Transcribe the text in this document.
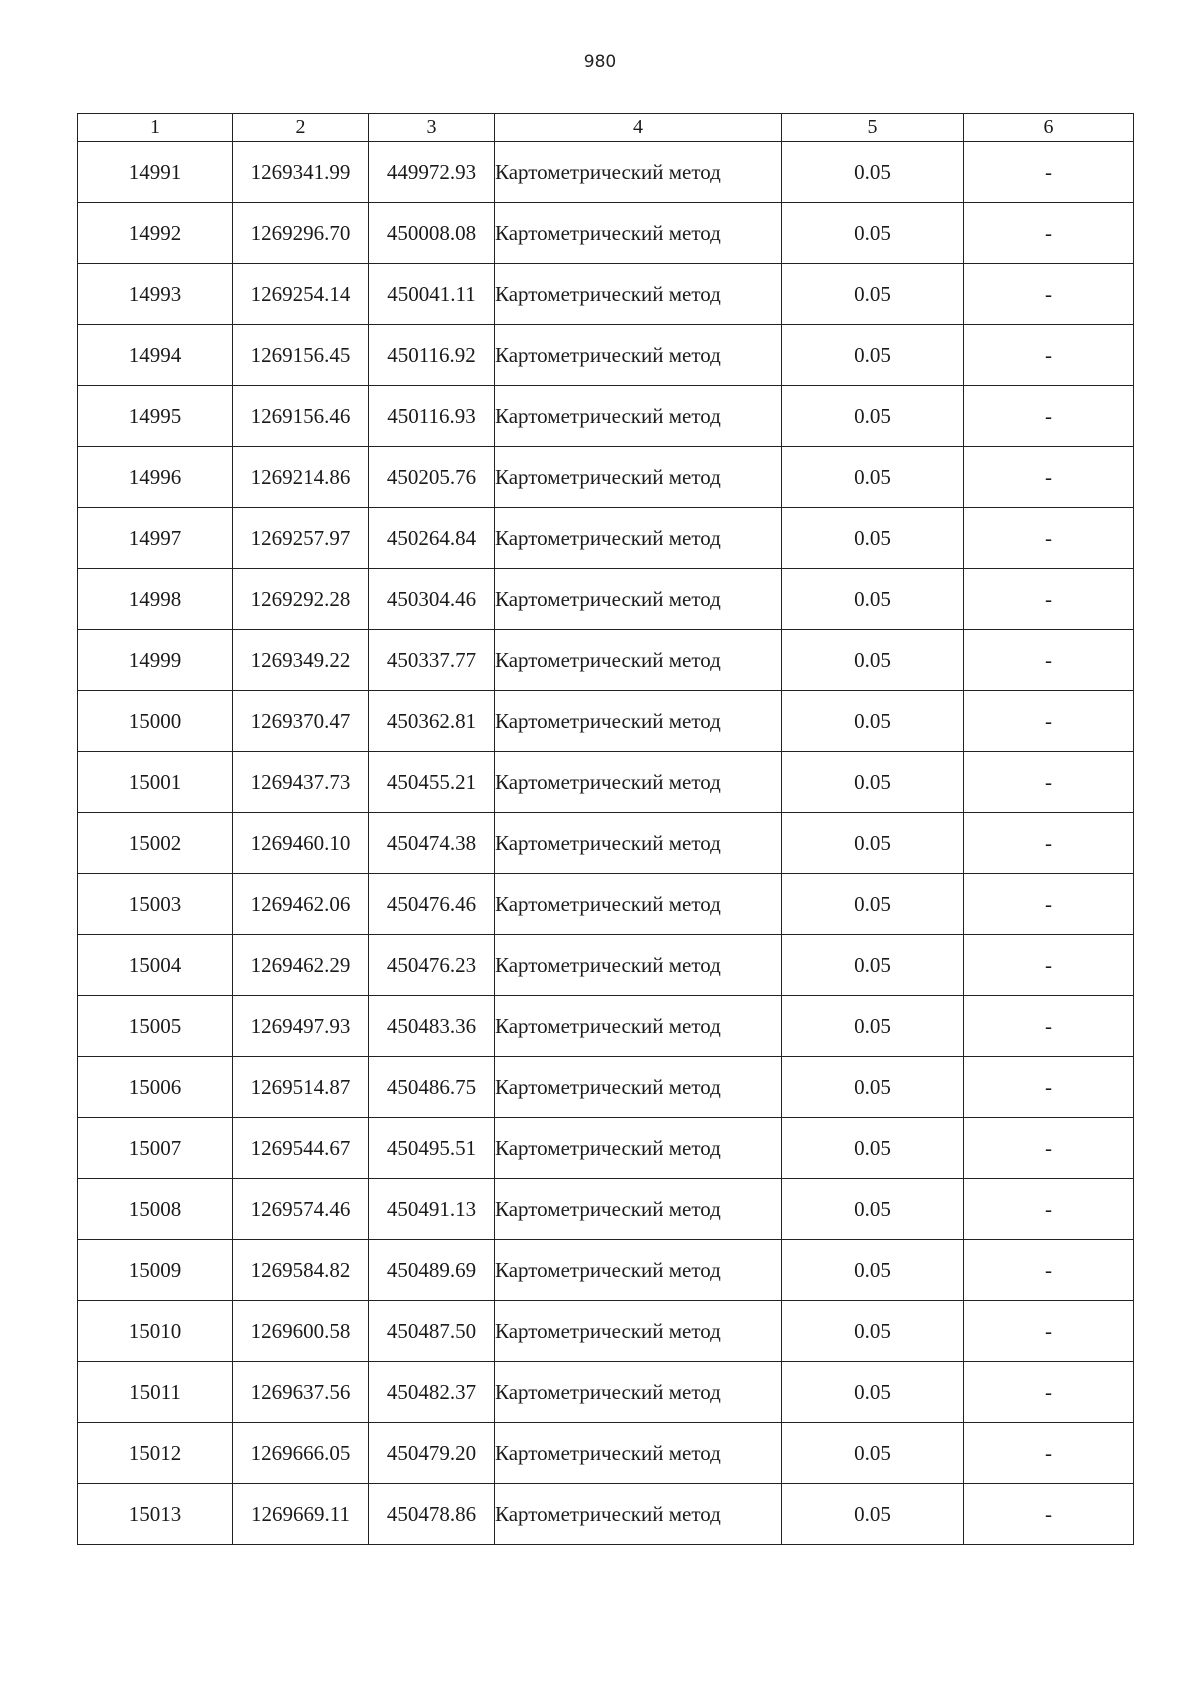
980
1	2	3	4	5	6
14991	1269341.99	449972.93	Картометрический метод	0.05	-
14992	1269296.70	450008.08	Картометрический метод	0.05	-
14993	1269254.14	450041.11	Картометрический метод	0.05	-
14994	1269156.45	450116.92	Картометрический метод	0.05	-
14995	1269156.46	450116.93	Картометрический метод	0.05	-
14996	1269214.86	450205.76	Картометрический метод	0.05	-
14997	1269257.97	450264.84	Картометрический метод	0.05	-
14998	1269292.28	450304.46	Картометрический метод	0.05	-
14999	1269349.22	450337.77	Картометрический метод	0.05	-
15000	1269370.47	450362.81	Картометрический метод	0.05	-
15001	1269437.73	450455.21	Картометрический метод	0.05	-
15002	1269460.10	450474.38	Картометрический метод	0.05	-
15003	1269462.06	450476.46	Картометрический метод	0.05	-
15004	1269462.29	450476.23	Картометрический метод	0.05	-
15005	1269497.93	450483.36	Картометрический метод	0.05	-
15006	1269514.87	450486.75	Картометрический метод	0.05	-
15007	1269544.67	450495.51	Картометрический метод	0.05	-
15008	1269574.46	450491.13	Картометрический метод	0.05	-
15009	1269584.82	450489.69	Картометрический метод	0.05	-
15010	1269600.58	450487.50	Картометрический метод	0.05	-
15011	1269637.56	450482.37	Картометрический метод	0.05	-
15012	1269666.05	450479.20	Картометрический метод	0.05	-
15013	1269669.11	450478.86	Картометрический метод	0.05	-
